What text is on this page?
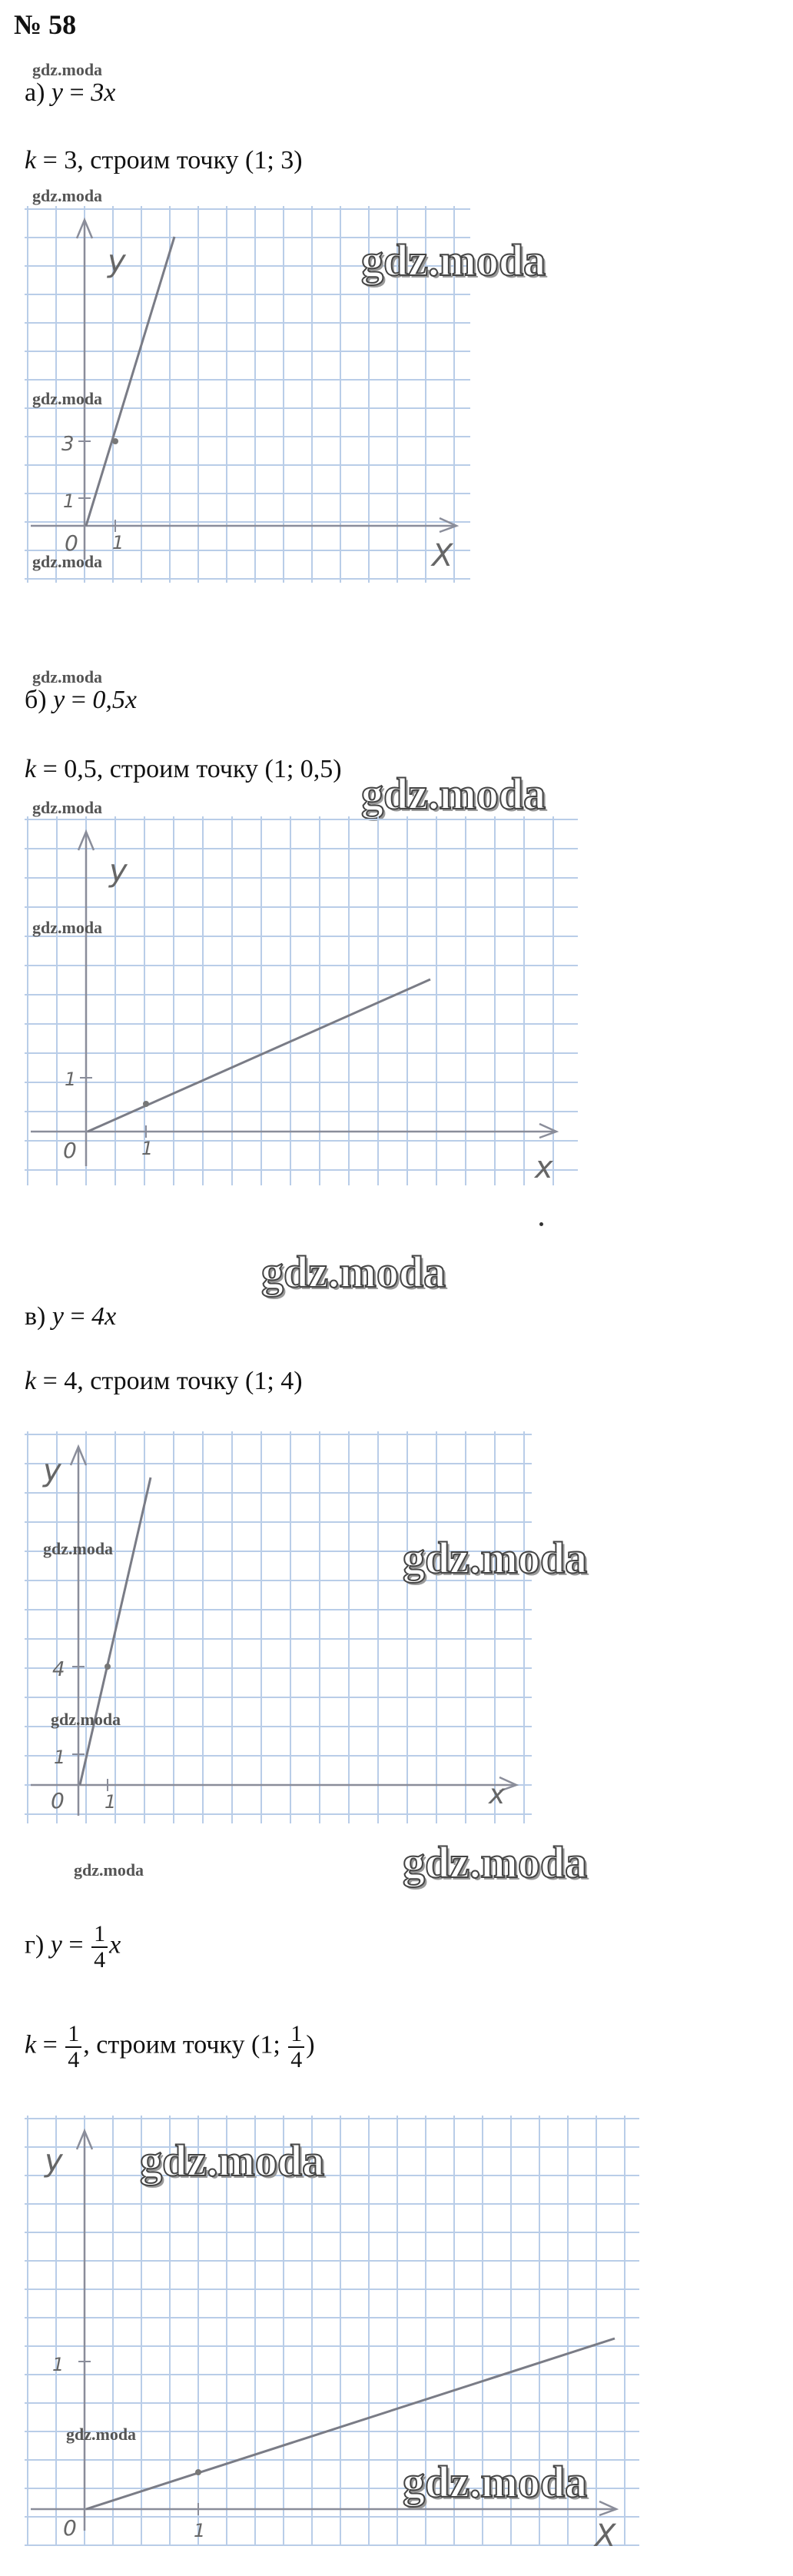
№ 58
gdz.moda
а) y = 3x
k = 3, строим точку (1; 3)
gdz.moda
y
X
0 1
1
3
gdz.moda
gdz.moda
gdz.moda
gdz.moda
б) y = 0,5x
k = 0,5, строим точку (1; 0,5) gdz.moda
gdz.moda
y
x
0	1
1
gdz.moda
gdz.moda
в) y = 4x
k = 4, строим точку (1; 4)
y
x
0 1
1
4
gdz.moda	gdz.moda
gdz.moda
gdz.moda	gdz.moda
г) $y = \frac{1}{4}$ x
$k = \frac{1}{4}$ , строим точку (1; $\frac{1}{4}$ )
y
X
0	1
1
gdz.moda
gdz.moda
gdz.moda
